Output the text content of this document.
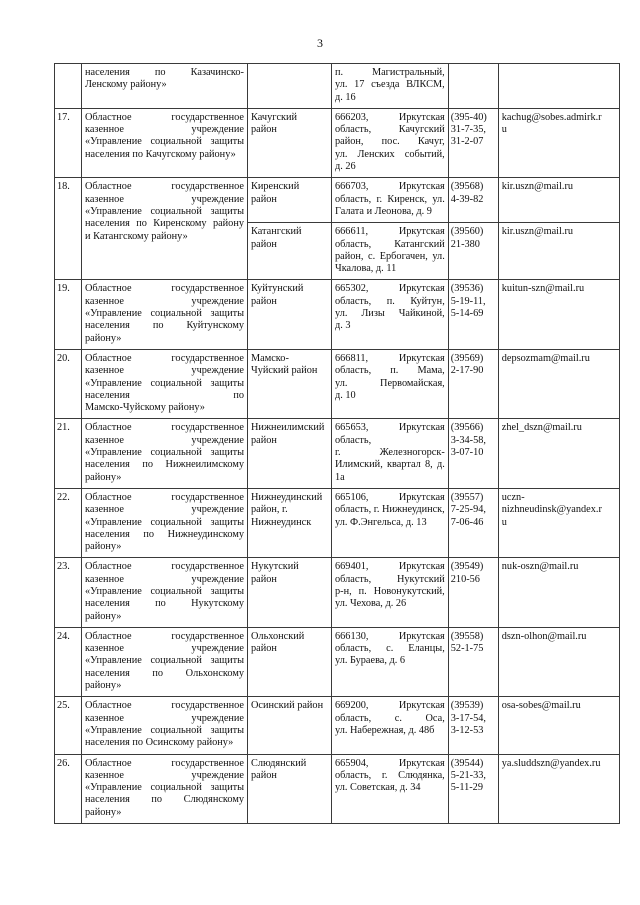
3

	населения по Казачинско-
Ленскому району»		п. Магистральный,
ул. 17 съезда ВЛКСМ,
д. 16		

17.	Областное государственное
казенное учреждение
«Управление социальной защиты
населения по Качугскому району»	Качугский
район	666203, Иркутская
область, Качугский
район, пос. Качуг,
ул. Ленских событий,
д. 26	(395-40)
31-7-35,
31-2-07	kachug@sobes.admirk.r
u

18.	Областное государственное
казенное учреждение
«Управление социальной защиты
населения по Киренскому району
и Катангскому району»	Киренский
район	666703, Иркутская
область, г. Киренск, ул.
Галата и Леонова, д. 9	(39568)
4-39-82	kir.uszn@mail.ru

		Катангский
район	666611, Иркутская
область, Катангский
район, с. Ербогачен, ул.
Чкалова, д. 11	(39560)
21-380	kir.uszn@mail.ru

19.	Областное государственное
казенное учреждение
«Управление социальной защиты
населения по Куйтунскому
району»	Куйтунский
район	665302, Иркутская
область, п. Куйтун,
ул. Лизы Чайкиной,
д. 3	(39536)
5-19-11,
5-14-69	kuitun-szn@mail.ru

20.	Областное государственное
казенное учреждение
«Управление социальной защиты
населения по
Мамско-Чуйскому району»	Мамско-
Чуйский район	666811, Иркутская
область, п. Мама,
ул. Первомайская,
д. 10	(39569)
2-17-90	depsozmam@mail.ru

21.	Областное государственное
казенное учреждение
«Управление социальной защиты
населения по Нижнеилимскому
району»	Нижнеилимский
район	665653, Иркутская
область,
г. Железногорск-
Илимский, квартал 8, д.
1а	(39566)
3-34-58,
3-07-10	zhel_dszn@mail.ru

22.	Областное государственное
казенное учреждение
«Управление социальной защиты
населения по Нижнеудинскому
району»	Нижнеудинский
район, г.
Нижнеудинск	665106, Иркутская
область, г. Нижнеудинск,
ул. Ф.Энгельса, д. 13	(39557)
7-25-94,
7-06-46	uczn-
nizhneudinsk@yandex.r
u

23.	Областное государственное
казенное учреждение
«Управление социальной защиты
населения по Нукутскому
району»	Нукутский
район	669401, Иркутская
область, Нукутский
р-н, п. Новонукутский,
ул. Чехова, д. 26	(39549)
210-56	nuk-oszn@mail.ru

24.	Областное государственное
казенное учреждение
«Управление социальной защиты
населения по Ольхонскому
району»	Ольхонский
район	666130, Иркутская
область, с. Еланцы,
ул. Бураева, д. 6	(39558)
52-1-75	dszn-olhon@mail.ru

25.	Областное государственное
казенное учреждение
«Управление социальной защиты
населения по Осинскому району»	Осинский район	669200, Иркутская
область, с. Оса,
ул. Набережная, д. 48б	(39539)
3-17-54,
3-12-53	osa-sobes@mail.ru

26.	Областное государственное
казенное учреждение
«Управление социальной защиты
населения по Слюдянскому
району»	Слюдянский
район	665904, Иркутская
область, г. Слюдянка,
ул. Советская, д. 34	(39544)
5-21-33,
5-11-29	ya.sluddszn@yandex.ru
